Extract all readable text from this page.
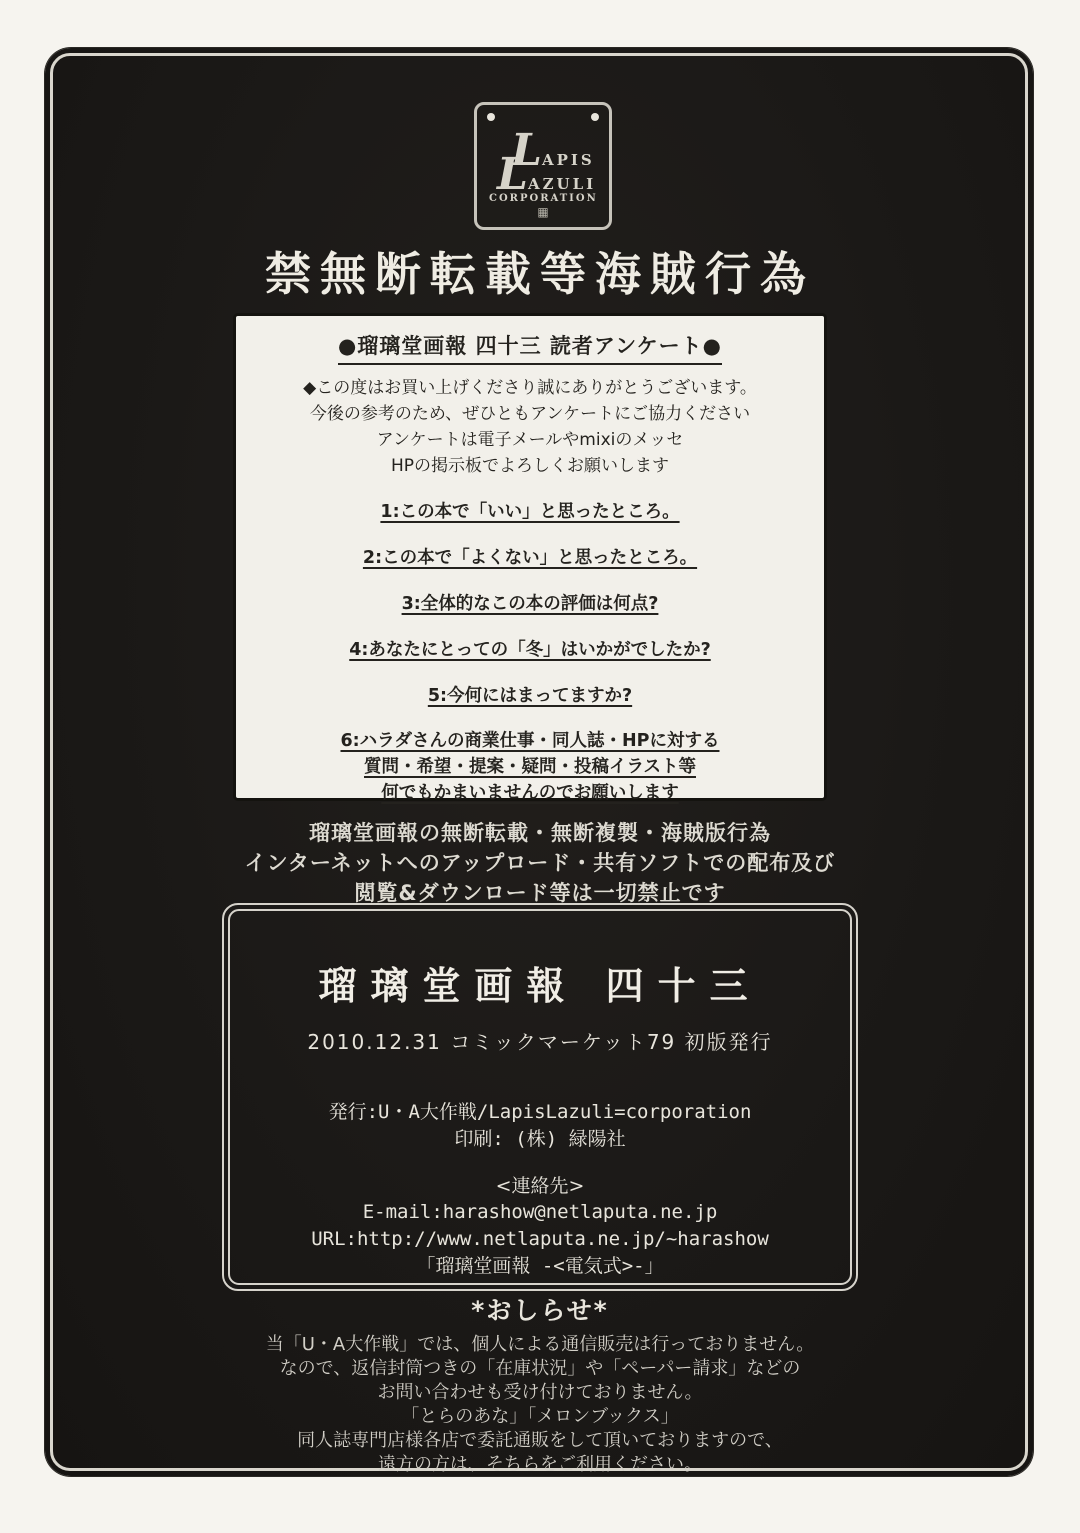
LAPIS
LAZULI
CORPORATION
▦
禁無断転載等海賊行為
●瑠璃堂画報 四十三 読者アンケート●
◆この度はお買い上げくださり誠にありがとうございます。
今後の参考のため、ぜひともアンケートにご協力ください
アンケートは電子メールやmixiのメッセ
HPの掲示板でよろしくお願いします
1:この本で「いい」と思ったところ。
2:この本で「よくない」と思ったところ。
3:全体的なこの本の評価は何点?
4:あなたにとっての「冬」はいかがでしたか?
5:今何にはまってますか?
6:ハラダさんの商業仕事・同人誌・HPに対する
質問・希望・提案・疑問・投稿イラスト等
何でもかまいませんのでお願いします
瑠璃堂画報の無断転載・無断複製・海賊版行為
インターネットへのアップロード・共有ソフトでの配布及び
閲覧&ダウンロード等は一切禁止です
瑠璃堂画報 四十三
2010.12.31 コミックマーケット79 初版発行
発行:U・A大作戦/LapisLazuli=corporation
印刷: (株) 緑陽社
<連絡先>
E-mail:harashow@netlaputa.ne.jp
URL:http://www.netlaputa.ne.jp/~harashow
「瑠璃堂画報 -<電気式>-」
*おしらせ*
当「U・A大作戦」では、個人による通信販売は行っておりません。
なので、返信封筒つきの「在庫状況」や「ペーパー請求」などの
お問い合わせも受け付けておりません。
「とらのあな」「メロンブックス」
同人誌専門店様各店で委託通販をして頂いておりますので、
遠方の方は、そちらをご利用ください。
